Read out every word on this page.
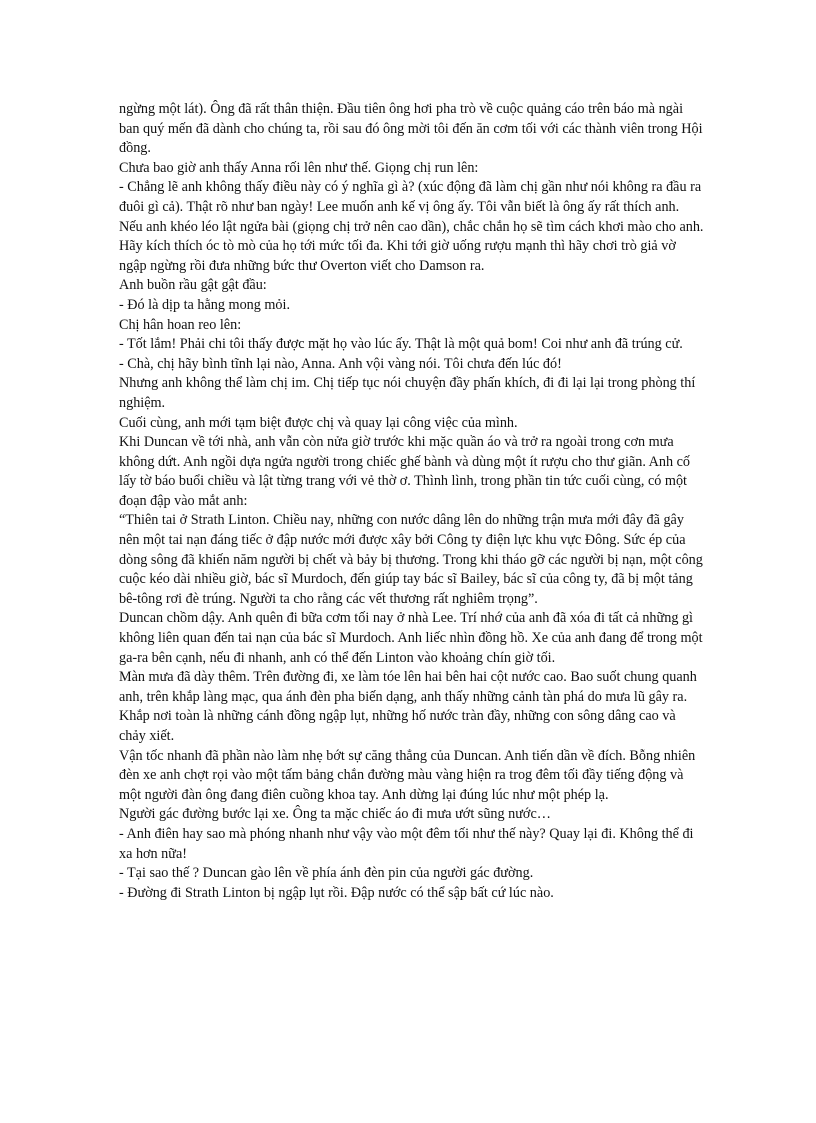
ngừng một lát). Ông đã rất thân thiện. Đầu tiên ông hơi pha trò về cuộc quảng cáo trên báo mà ngài ban quý mến đã dành cho chúng ta, rồi sau đó ông mời tôi đến ăn cơm tối với các thành viên trong Hội đồng.

Chưa bao giờ anh thấy Anna rối lên như thế. Giọng chị run lên:

- Chẳng lẽ anh không thấy điều này có ý nghĩa gì à? (xúc động đã làm chị gần như nói không ra đầu ra đuôi gì cả). Thật rõ như ban ngày! Lee muốn anh kế vị ông ấy. Tôi vẫn biết là ông ấy rất thích anh. Nếu anh khéo léo lật ngửa bài (giọng chị trở nên cao dần), chắc chắn họ sẽ tìm cách khơi mào cho anh. Hãy kích thích óc tò mò của họ tới mức tối đa. Khi tới giờ uống rượu mạnh thì hãy chơi trò giả vờ ngập ngừng rồi đưa những bức thư Overton viết cho Damson ra.

Anh buồn rầu gật gật đầu:

- Đó là dịp ta hằng mong mỏi.

Chị hân hoan reo lên:

- Tốt lắm! Phải chi tôi thấy được mặt họ vào lúc ấy. Thật là một quả bom! Coi như anh đã trúng cử.

- Chà, chị hãy bình tĩnh lại nào, Anna. Anh vội vàng nói. Tôi chưa đến lúc đó!

Nhưng anh không thể làm chị im. Chị tiếp tục nói chuyện đầy phấn khích, đi đi lại lại trong phòng thí nghiệm.

Cuối cùng, anh mới tạm biệt được chị và quay lại công việc của mình.

Khi Duncan về tới nhà, anh vẫn còn nửa giờ trước khi mặc quần áo và trở ra ngoài trong cơn mưa không dứt. Anh ngồi dựa ngửa người trong chiếc ghế bành và dùng một ít rượu cho thư giãn. Anh cố lấy tờ báo buổi chiều và lật từng trang với vẻ thờ ơ. Thình lình, trong phần tin tức cuối cùng, có một đoạn đập vào mắt anh:

“Thiên tai ở Strath Linton. Chiều nay, những con nước dâng lên do những trận mưa mới đây đã gây nên một tai nạn đáng tiếc ở đập nước mới được xây bởi Công ty điện lực khu vực Đông. Sức ép của dòng sông đã khiến năm người bị chết và bảy bị thương. Trong khi tháo gỡ các người bị nạn, một công cuộc kéo dài nhiều giờ, bác sĩ Murdoch, đến giúp tay bác sĩ Bailey, bác sĩ của công ty, đã bị một tảng bê-tông rơi đè trúng. Người ta cho rằng các vết thương rất nghiêm trọng”.

Duncan chồm dậy. Anh quên đi bữa cơm tối nay ở nhà Lee. Trí nhớ của anh đã xóa đi tất cả những gì không liên quan đến tai nạn của bác sĩ Murdoch. Anh liếc nhìn đồng hồ. Xe của anh đang để trong một ga-ra bên cạnh, nếu đi nhanh, anh có thể đến Linton vào khoảng chín giờ tối.

Màn mưa đã dày thêm. Trên đường đi, xe làm tóe lên hai bên hai cột nước cao. Bao suốt chung quanh anh, trên khắp làng mạc, qua ánh đèn pha biến dạng, anh thấy những cảnh tàn phá do mưa lũ gây ra. Khắp nơi toàn là những cánh đồng ngập lụt, những hố nước tràn đầy, những con sông dâng cao và chảy xiết.

Vận tốc nhanh đã phần nào làm nhẹ bớt sự căng thẳng của Duncan. Anh tiến dần về đích. Bỗng nhiên đèn xe anh chợt rọi vào một tấm bảng chắn đường màu vàng hiện ra trog đêm tối đầy tiếng động và một người đàn ông đang điên cuồng khoa tay. Anh dừng lại đúng lúc như một phép lạ.

Người gác đường bước lại xe. Ông ta mặc chiếc áo đi mưa ướt sũng nước…

- Anh điên hay sao mà phóng nhanh như vậy vào một đêm tối như thế này? Quay lại đi. Không thể đi xa hơn nữa!

- Tại sao thế ? Duncan gào lên về phía ánh đèn pin của người gác đường.

- Đường đi Strath Linton bị ngập lụt rồi. Đập nước có thể sập bất cứ lúc nào.
